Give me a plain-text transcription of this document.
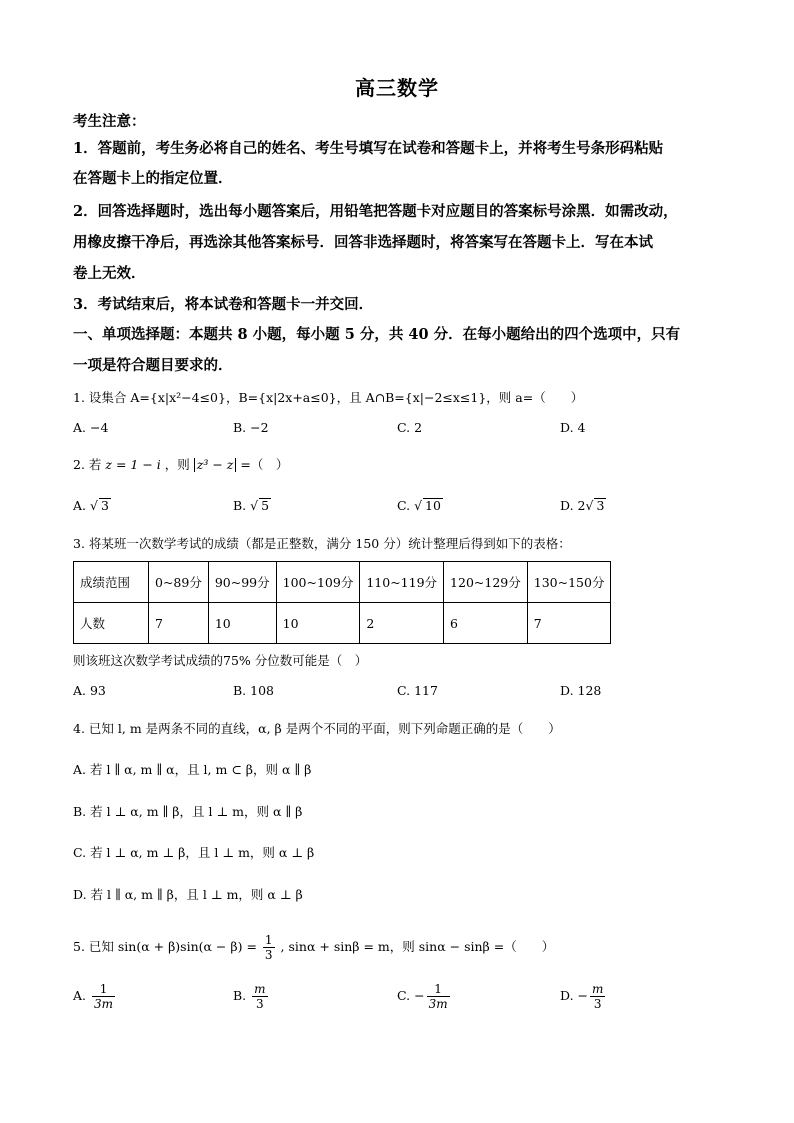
高三数学
考生注意：
1．答题前，考生务必将自己的姓名、考生号填写在试卷和答题卡上，并将考生号条形码粘贴
在答题卡上的指定位置．
2．回答选择题时，选出每小题答案后，用铅笔把答题卡对应题目的答案标号涂黑．如需改动，
用橡皮擦干净后，再选涂其他答案标号．回答非选择题时，将答案写在答题卡上．写在本试
卷上无效．
3．考试结束后，将本试卷和答题卡一并交回．
一、单项选择题：本题共 8 小题，每小题 5 分，共 40 分．在每小题给出的四个选项中，只有
一项是符合题目要求的．
1. 设集合 A={x|x²−4≤0}，B={x|2x+a≤0}，且 A∩B={x|−2≤x≤1}，则 a=（　　）
A. −4	B. −2	C. 2	D. 4
2. 若 z = 1 − i ，则 z³ − z =（　）
A. √ 3	B. √ 5	C. √ 10	D. 2√ 3
3. 将某班一次数学考试的成绩（都是正整数，满分 150 分）统计整理后得到如下的表格：
成绩范围	0~89分	90~99分	100~109分	110~119分	120~129分	130~150分
人数	7	10	10	2	6	7
则该班这次数学考试成绩的75% 分位数可能是（　）
A. 93	B. 108	C. 117	D. 128
4. 已知 l, m 是两条不同的直线，α, β 是两个不同的平面，则下列命题正确的是（　　）
A. 若 l ∥ α, m ∥ α，且 l, m ⊂ β，则 α ∥ β
B. 若 l ⊥ α, m ∥ β，且 l ⊥ m，则 α ∥ β
C. 若 l ⊥ α, m ⊥ β，且 l ⊥ m，则 α ⊥ β
D. 若 l ∥ α, m ∥ β，且 l ⊥ m，则 α ⊥ β
5. 已知 $\sin(\alpha + \beta)\sin(\alpha - \beta) = \frac{1}{3}$ , sinα + sinβ = m，则 sinα − sinβ =（　　）
A. $\frac{1}{3m}$	B. $\frac{m}{3}$	C. − $\frac{1}{3m}$	D. − $\frac{m}{3}$
